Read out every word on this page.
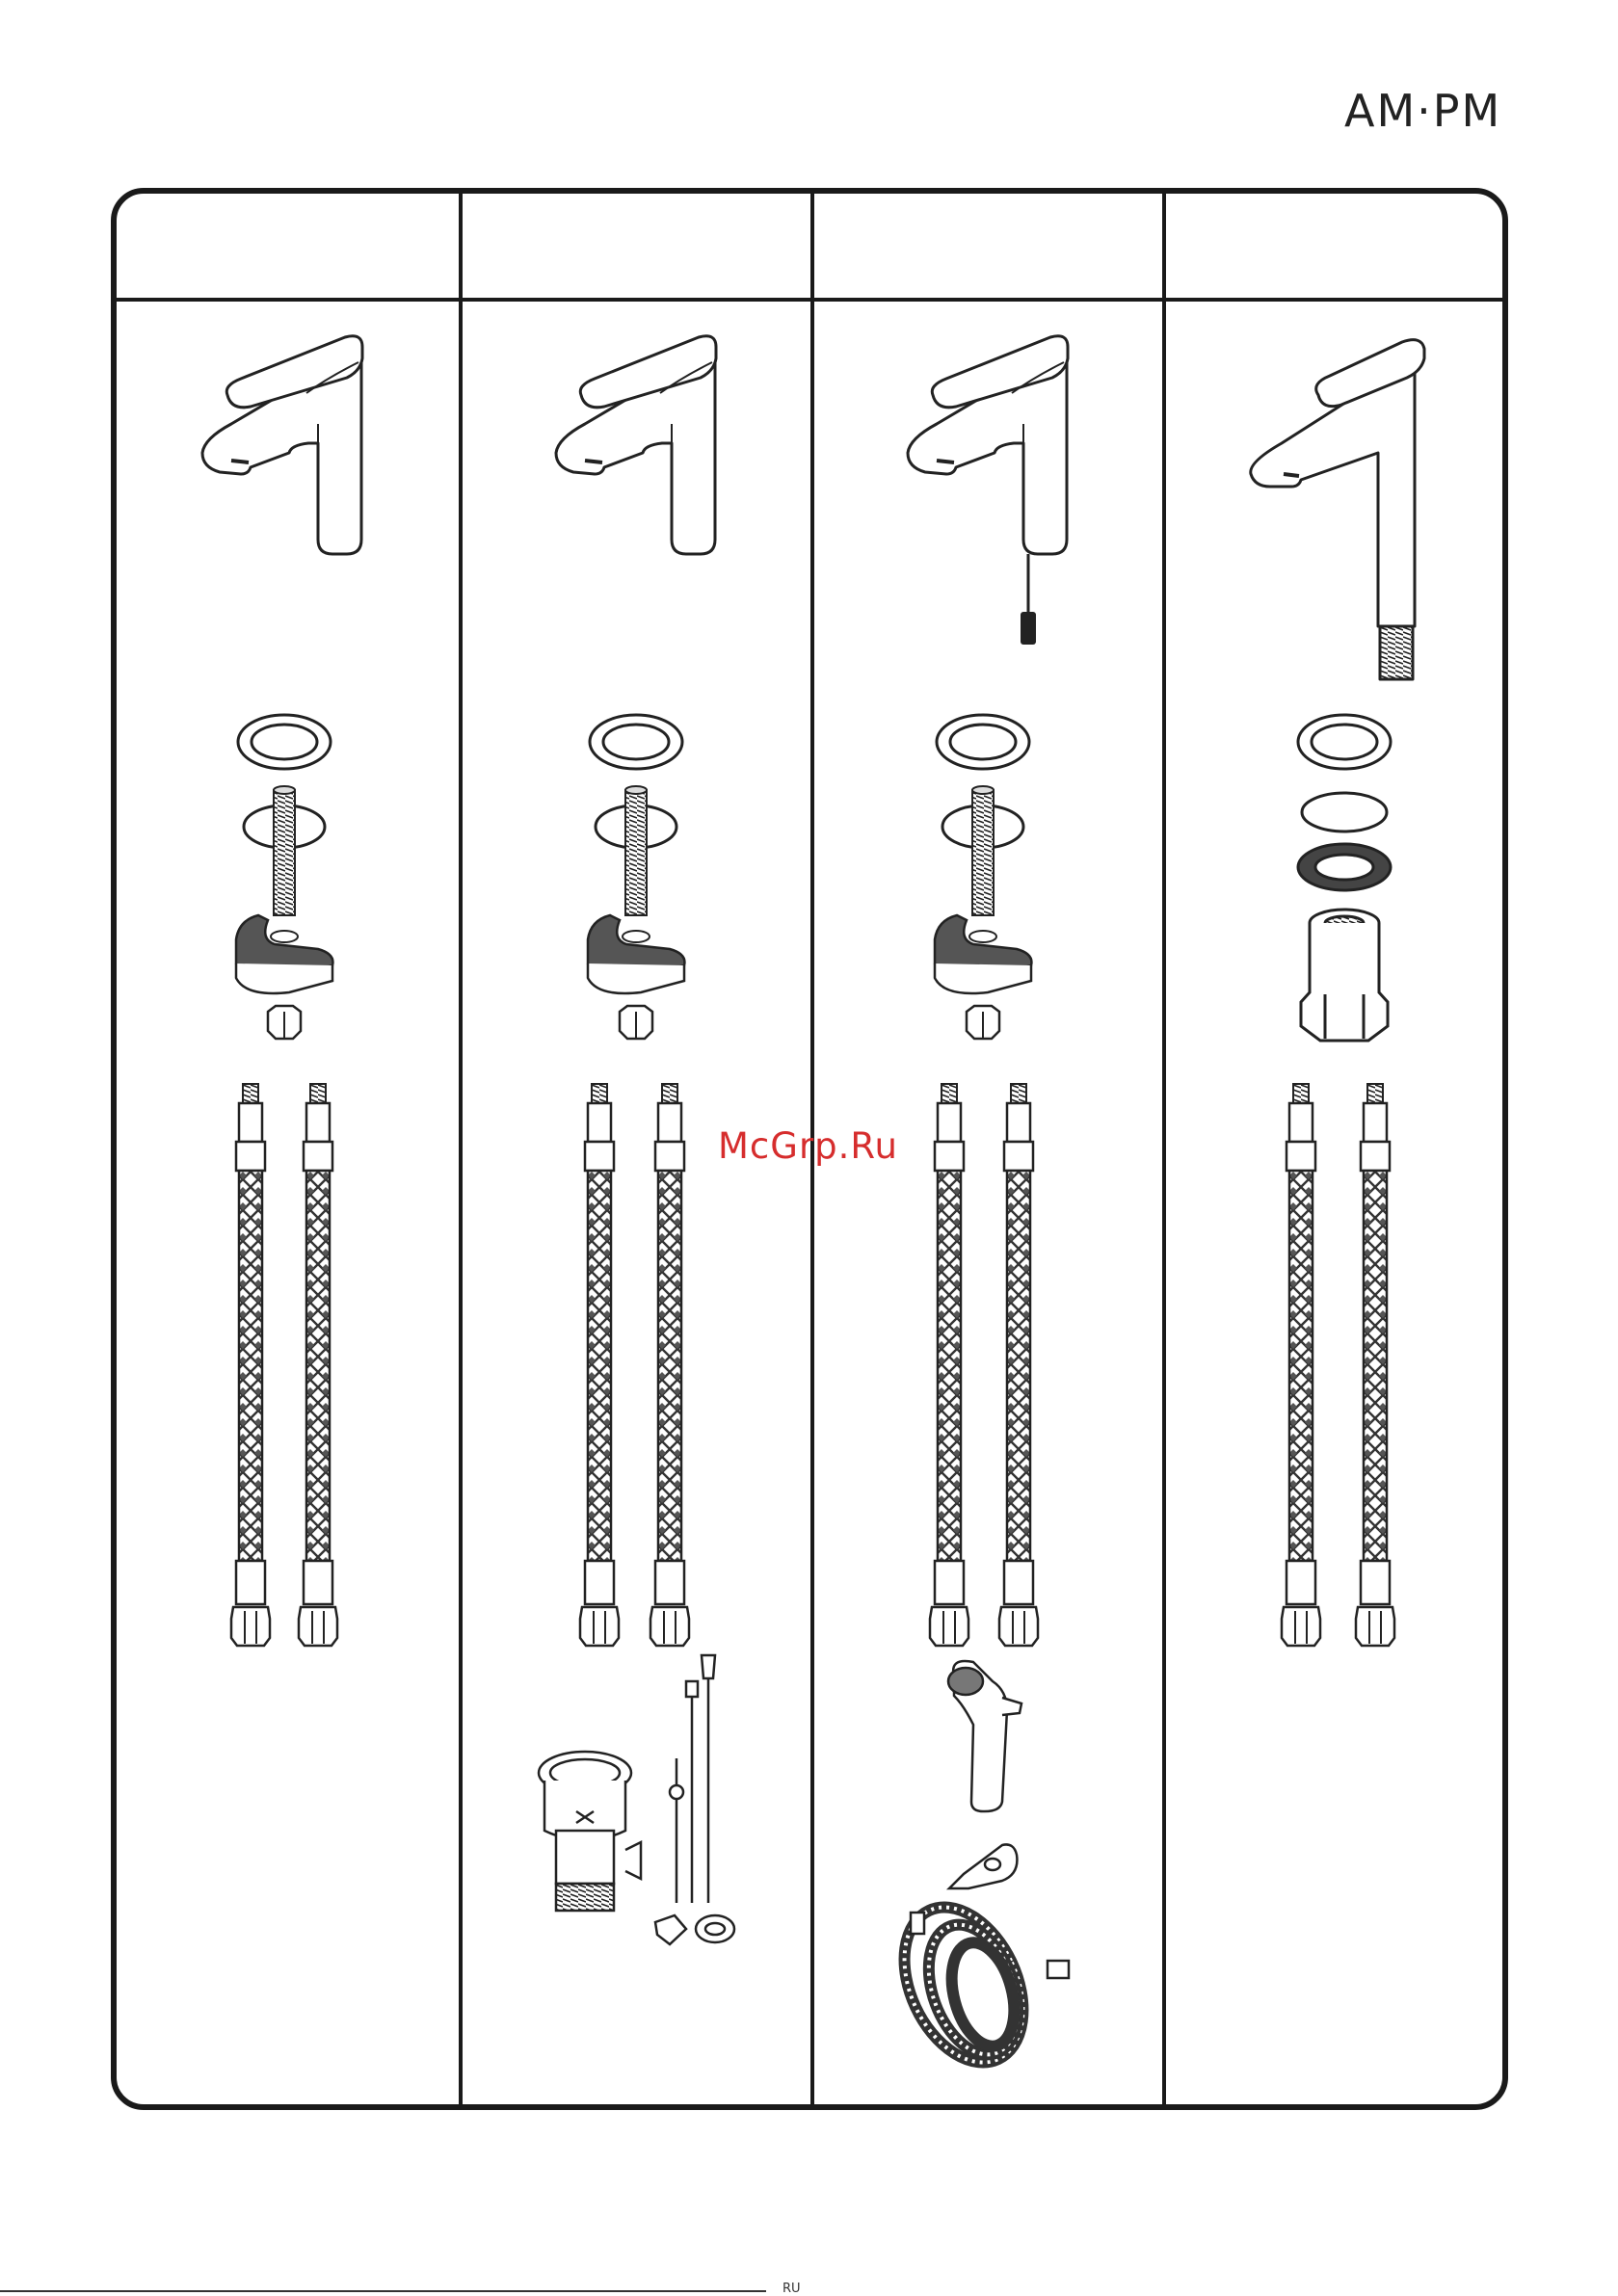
AM·PM
McGrp.Ru
RU
